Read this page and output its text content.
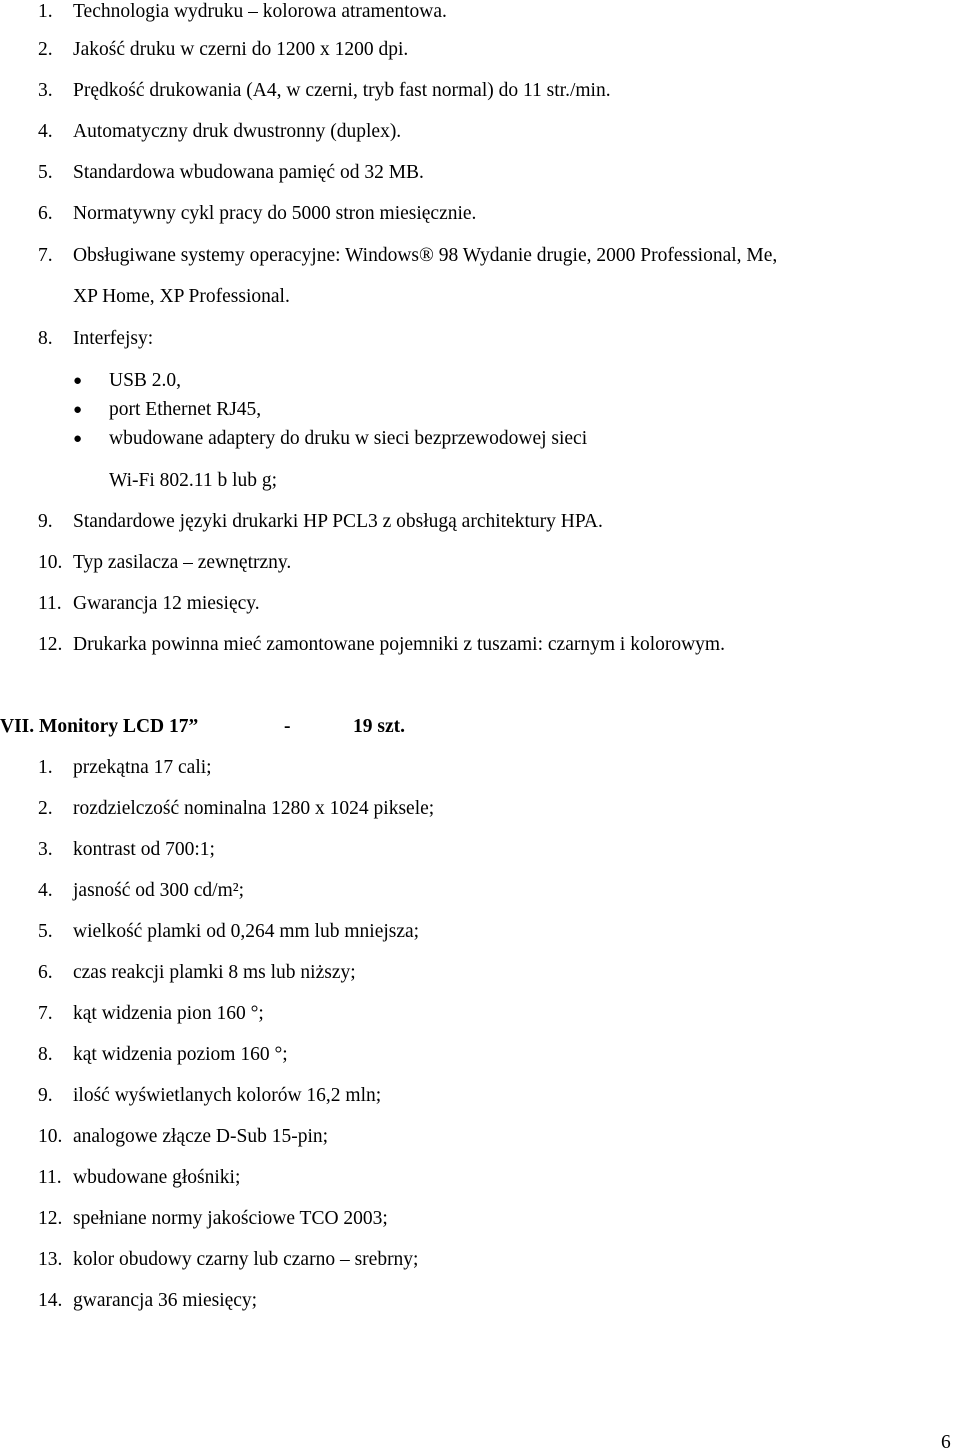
1. Technologia wydruku – kolorowa atramentowa.
2. Jakość druku w czerni do 1200 x 1200 dpi.
3. Prędkość drukowania (A4, w czerni, tryb fast normal) do 11 str./min.
4. Automatyczny druk dwustronny (duplex).
5. Standardowa wbudowana pamięć od 32 MB.
6. Normatywny cykl pracy do 5000 stron miesięcznie.
7. Obsługiwane systemy operacyjne: Windows® 98 Wydanie drugie, 2000 Professional, Me,
XP Home, XP Professional.
8. Interfejsy:
● USB 2.0,
● port Ethernet RJ45,
● wbudowane adaptery do druku w sieci bezprzewodowej sieci
Wi-Fi 802.11 b lub g;
9. Standardowe języki drukarki HP PCL3 z obsługą architektury HPA.
10. Typ zasilacza – zewnętrzny.
11. Gwarancja 12 miesięcy.
12. Drukarka powinna mieć zamontowane pojemniki z tuszami: czarnym i kolorowym.
VII. Monitory LCD 17”	-	19 szt.
1. przekątna 17 cali;
2. rozdzielczość nominalna 1280 x 1024 piksele;
3. kontrast od 700:1;
4. jasność od 300 cd/m²;
5. wielkość plamki od 0,264 mm lub mniejsza;
6. czas reakcji plamki 8 ms lub niższy;
7. kąt widzenia pion 160 °;
8. kąt widzenia poziom 160 °;
9. ilość wyświetlanych kolorów 16,2 mln;
10. analogowe złącze D-Sub 15-pin;
11. wbudowane głośniki;
12. spełniane normy jakościowe TCO 2003;
13. kolor obudowy czarny lub czarno – srebrny;
14. gwarancja 36 miesięcy;
6
